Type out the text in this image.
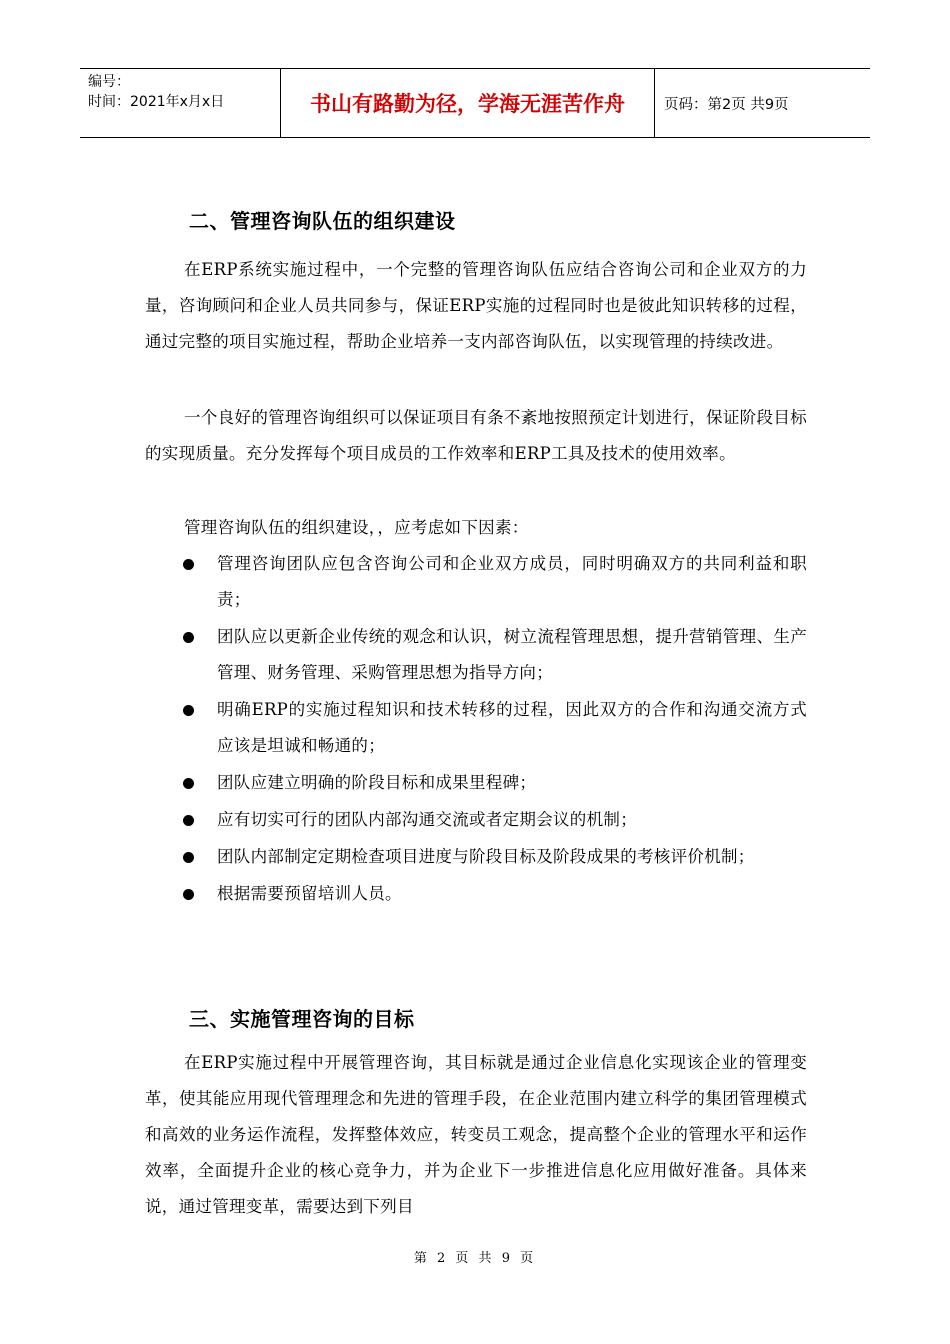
编号：
时间：2021年x月x日	书山有路勤为径，学海无涯苦作舟	页码：第2页 共9页
二、管理咨询队伍的组织建设

在ERP系统实施过程中，一个完整的管理咨询队伍应结合咨询公司和企业双方的力量，咨询顾问和企业人员共同参与，保证ERP实施的过程同时也是彼此知识转移的过程，通过完整的项目实施过程，帮助企业培养一支内部咨询队伍，以实现管理的持续改进。

一个良好的管理咨询组织可以保证项目有条不紊地按照预定计划进行，保证阶段目标的实现质量。充分发挥每个项目成员的工作效率和ERP工具及技术的使用效率。

管理咨询队伍的组织建设，，应考虑如下因素：

管理咨询团队应包含咨询公司和企业双方成员，同时明确双方的共同利益和职责；
团队应以更新企业传统的观念和认识，树立流程管理思想，提升营销管理、生产管理、财务管理、采购管理思想为指导方向；
明确ERP的实施过程知识和技术转移的过程，因此双方的合作和沟通交流方式应该是坦诚和畅通的；
团队应建立明确的阶段目标和成果里程碑；
应有切实可行的团队内部沟通交流或者定期会议的机制；
团队内部制定定期检查项目进度与阶段目标及阶段成果的考核评价机制；
根据需要预留培训人员。
三、实施管理咨询的目标

在ERP实施过程中开展管理咨询，其目标就是通过企业信息化实现该企业的管理变革，使其能应用现代管理理念和先进的管理手段，在企业范围内建立科学的集团管理模式和高效的业务运作流程，发挥整体效应，转变员工观念，提高整个企业的管理水平和运作效率，全面提升企业的核心竞争力，并为企业下一步推进信息化应用做好准备。具体来说，通过管理变革，需要达到下列目

第 2 页 共 9 页
